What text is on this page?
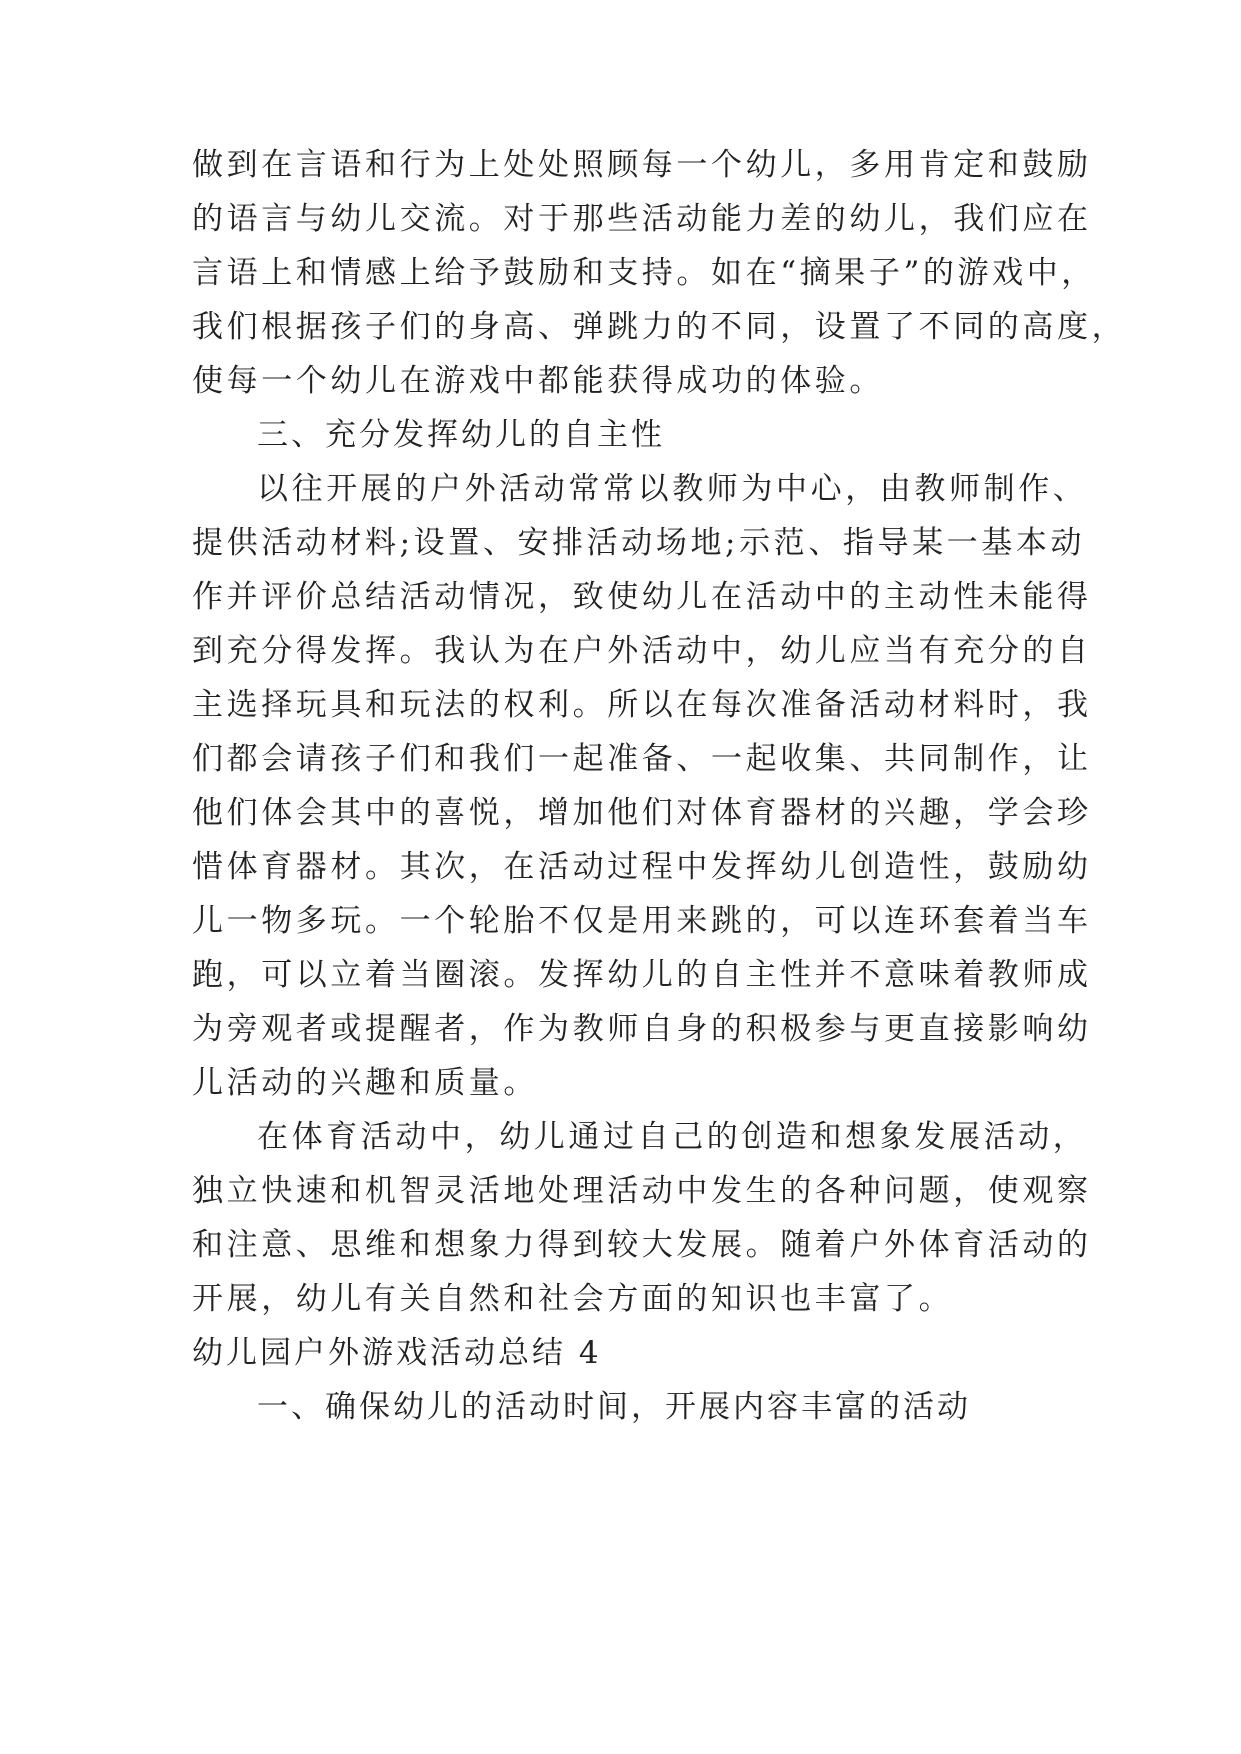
做到在言语和行为上处处照顾每一个幼儿，多用肯定和鼓励
的语言与幼儿交流。对于那些活动能力差的幼儿，我们应在
言语上和情感上给予鼓励和支持。如在“摘果子”的游戏中，
我们根据孩子们的身高、弹跳力的不同，设置了不同的高度，
使每一个幼儿在游戏中都能获得成功的体验。
三、充分发挥幼儿的自主性
以往开展的户外活动常常以教师为中心，由教师制作、
提供活动材料;设置、安排活动场地;示范、指导某一基本动
作并评价总结活动情况，致使幼儿在活动中的主动性未能得
到充分得发挥。我认为在户外活动中，幼儿应当有充分的自
主选择玩具和玩法的权利。所以在每次准备活动材料时，我
们都会请孩子们和我们一起准备、一起收集、共同制作，让
他们体会其中的喜悦，增加他们对体育器材的兴趣，学会珍
惜体育器材。其次，在活动过程中发挥幼儿创造性，鼓励幼
儿一物多玩。一个轮胎不仅是用来跳的，可以连环套着当车
跑，可以立着当圈滚。发挥幼儿的自主性并不意味着教师成
为旁观者或提醒者，作为教师自身的积极参与更直接影响幼
儿活动的兴趣和质量。
在体育活动中，幼儿通过自己的创造和想象发展活动，
独立快速和机智灵活地处理活动中发生的各种问题，使观察
和注意、思维和想象力得到较大发展。随着户外体育活动的
开展，幼儿有关自然和社会方面的知识也丰富了。
幼儿园户外游戏活动总结 4
一、确保幼儿的活动时间，开展内容丰富的活动
